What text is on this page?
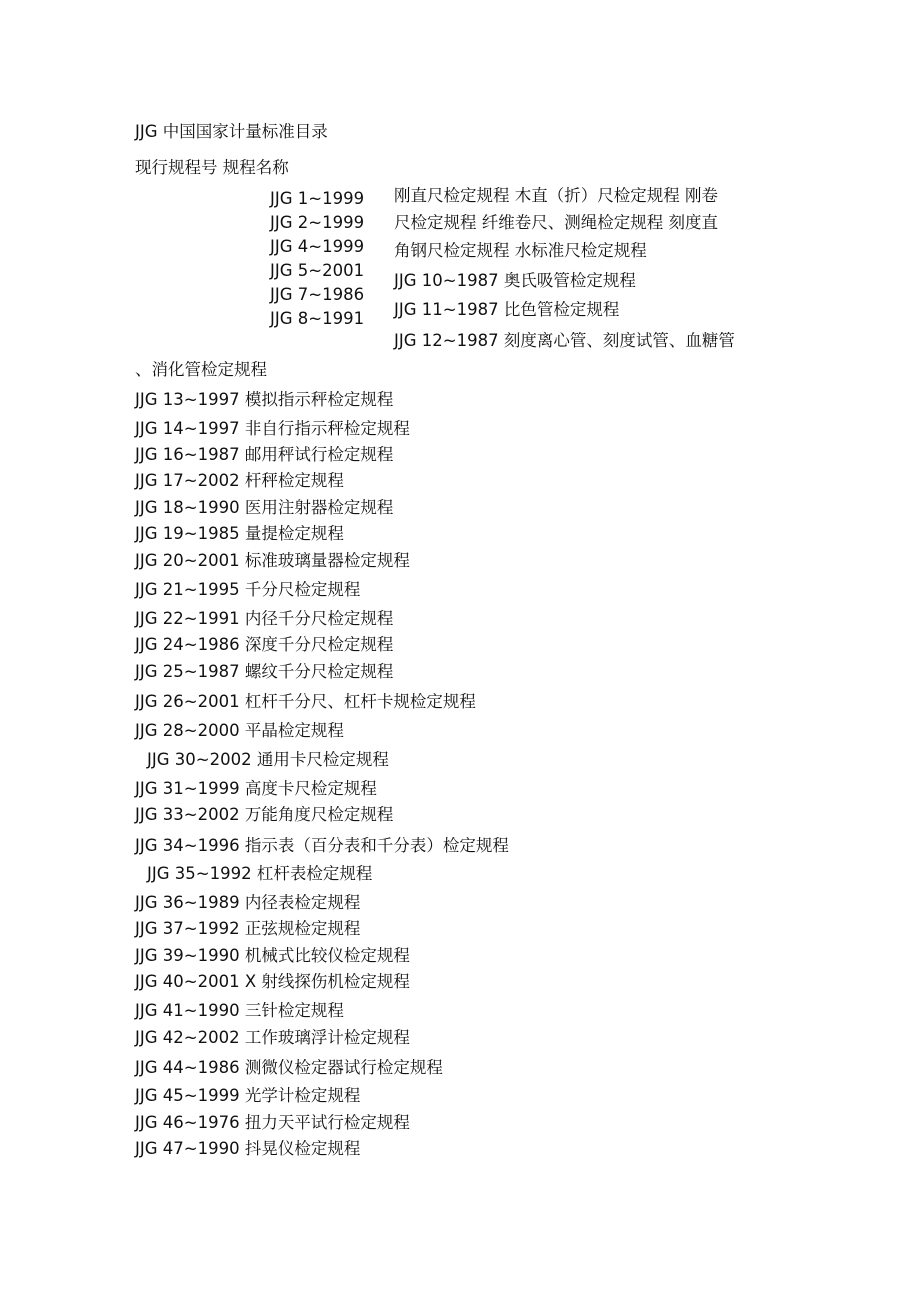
JJG 中国国家计量标准目录
现行规程号 规程名称
JJG 1~1999
JJG 2~1999
JJG 4~1999
JJG 5~2001
JJG 7~1986
JJG 8~1991
刚直尺检定规程 木直（折）尺检定规程 刚卷
尺检定规程 纤维卷尺、测绳检定规程 刻度直
角钢尺检定规程 水标准尺检定规程
JJG 10~1987 奥氏吸管检定规程
JJG 11~1987 比色管检定规程
JJG 12~1987 刻度离心管、刻度试管、血糖管
、消化管检定规程
JJG 13~1997 模拟指示秤检定规程
JJG 14~1997 非自行指示秤检定规程
JJG 16~1987 邮用秤试行检定规程
JJG 17~2002 杆秤检定规程
JJG 18~1990 医用注射器检定规程
JJG 19~1985 量提检定规程
JJG 20~2001 标准玻璃量器检定规程
JJG 21~1995 千分尺检定规程
JJG 22~1991 内径千分尺检定规程
JJG 24~1986 深度千分尺检定规程
JJG 25~1987 螺纹千分尺检定规程
JJG 26~2001 杠杆千分尺、杠杆卡规检定规程
JJG 28~2000 平晶检定规程
JJG 30~2002 通用卡尺检定规程
JJG 31~1999 高度卡尺检定规程
JJG 33~2002 万能角度尺检定规程
JJG 34~1996 指示表（百分表和千分表）检定规程
JJG 35~1992 杠杆表检定规程
JJG 36~1989 内径表检定规程
JJG 37~1992 正弦规检定规程
JJG 39~1990 机械式比较仪检定规程
JJG 40~2001 X 射线探伤机检定规程
JJG 41~1990 三针检定规程
JJG 42~2002 工作玻璃浮计检定规程
JJG 44~1986 测微仪检定器试行检定规程
JJG 45~1999 光学计检定规程
JJG 46~1976 扭力天平试行检定规程
JJG 47~1990 抖晃仪检定规程
